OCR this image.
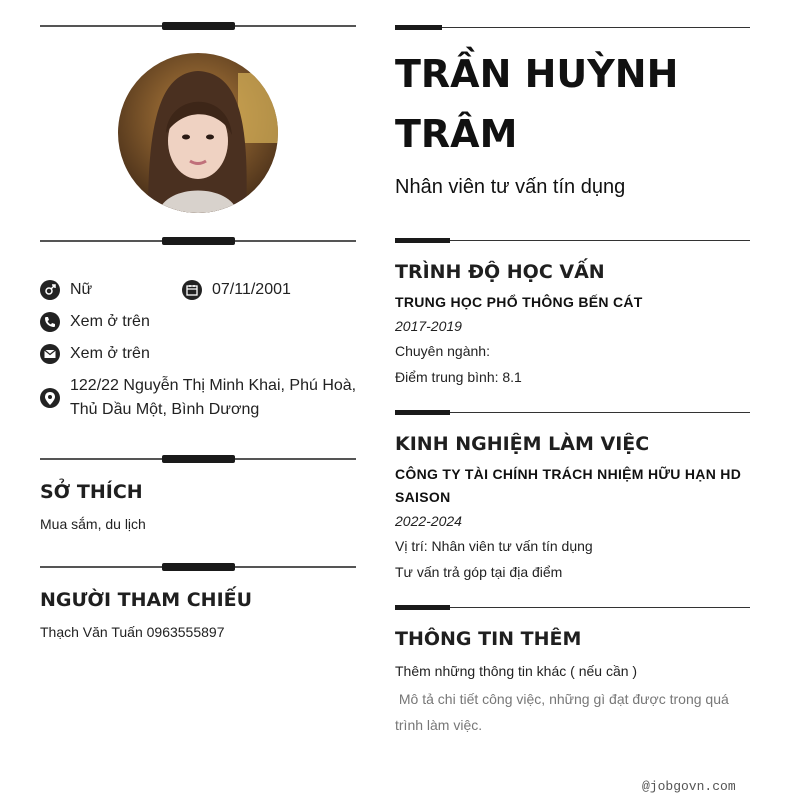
Nữ	07/11/2001
Xem ở trên
Xem ở trên
122/22 Nguyễn Thị Minh Khai, Phú Hoà,
Thủ Dầu Một, Bình Dương
SỞ THÍCH
Mua sắm, du lịch
NGƯỜI THAM CHIẾU
Thạch Văn Tuấn 0963555897
TRẦN HUỲNH
TRÂM
Nhân viên tư vấn tín dụng
TRÌNH ĐỘ HỌC VẤN
TRUNG HỌC PHỔ THÔNG BẾN CÁT
2017-2019
Chuyên ngành:
Điểm trung bình: 8.1
KINH NGHIỆM LÀM VIỆC
CÔNG TY TÀI CHÍNH TRÁCH NHIỆM HỮU HẠN HD
SAISON
2022-2024
Vị trí: Nhân viên tư vấn tín dụng
Tư vấn trả góp tại địa điểm
THÔNG TIN THÊM
Thêm những thông tin khác ( nếu cần )
Mô tả chi tiết công việc, những gì đạt được trong quá
trình làm việc.
@jobgovn.com
